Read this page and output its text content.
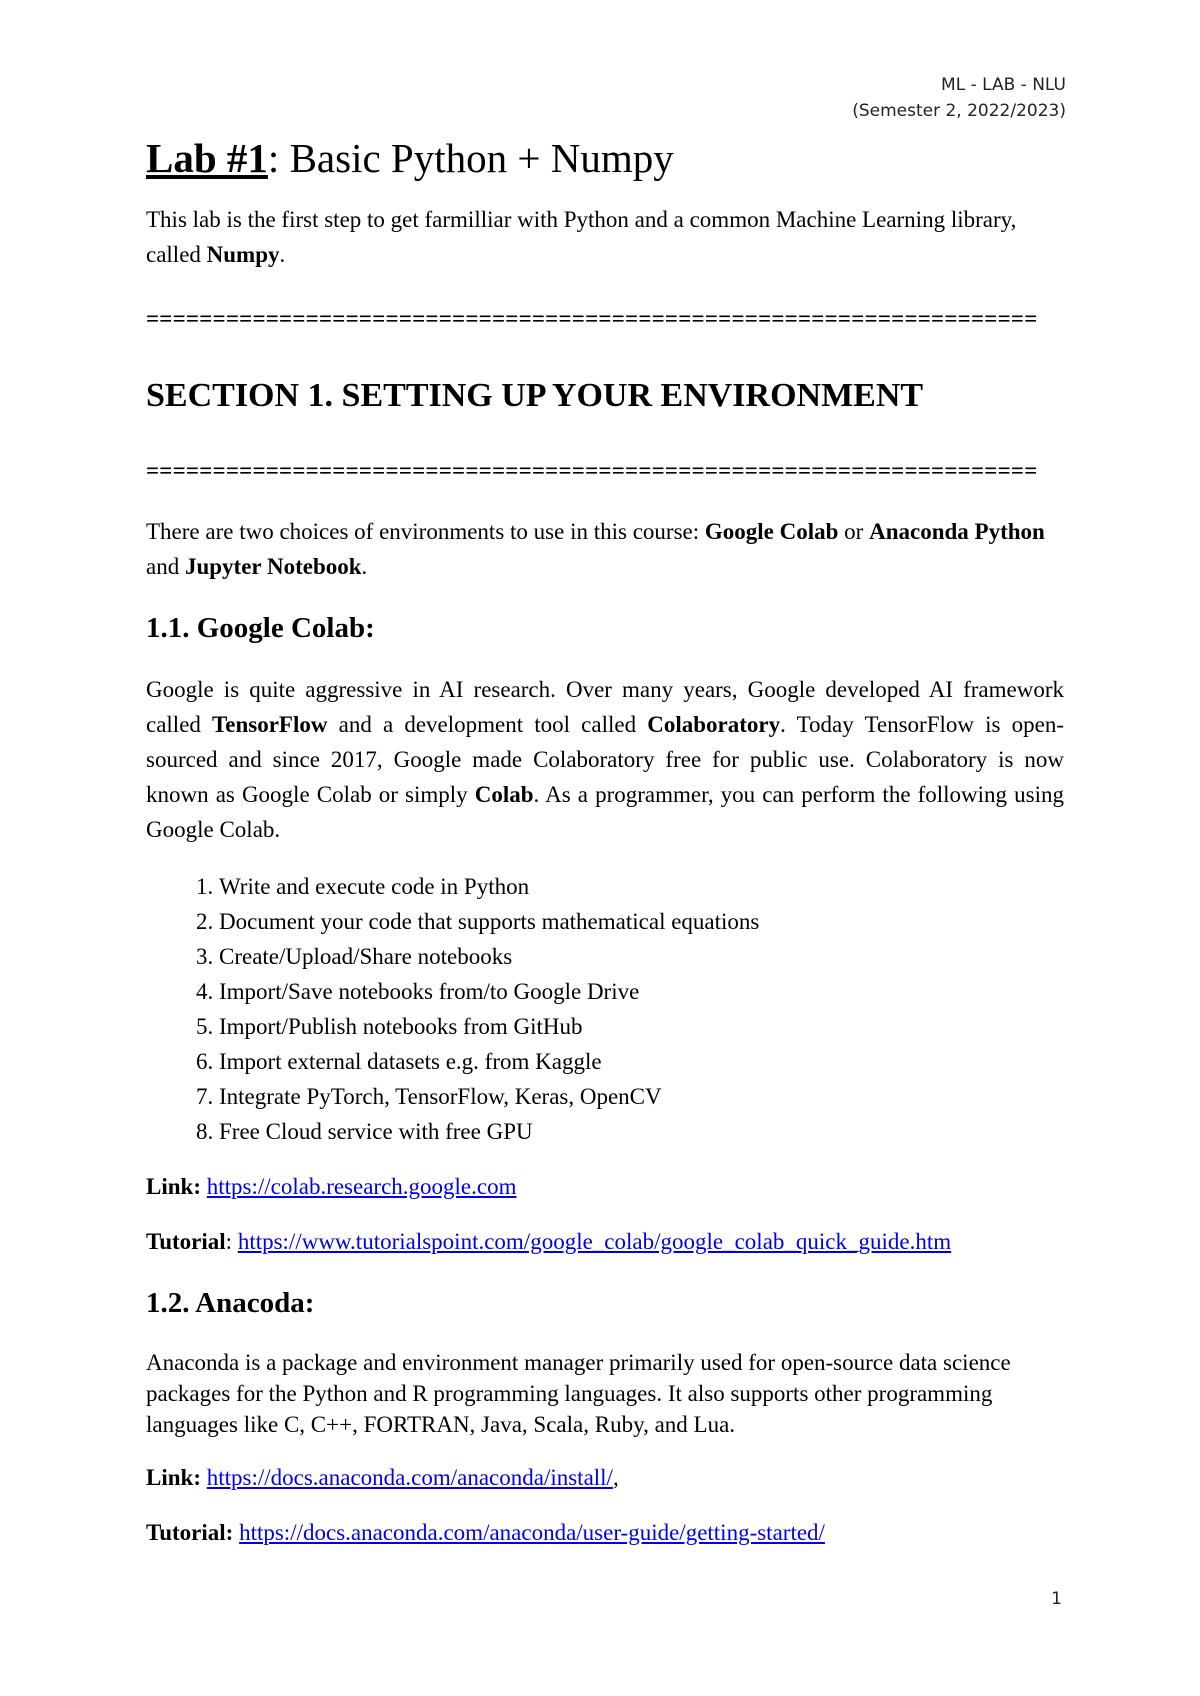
ML - LAB - NLU
(Semester 2, 2022/2023)
Lab #1: Basic Python + Numpy

This lab is the first step to get farmilliar with Python and a common Machine Learning library, called Numpy.

===================================================================
SECTION 1. SETTING UP YOUR ENVIRONMENT
===================================================================

There are two choices of environments to use in this course: Google Colab or Anaconda Python and Jupyter Notebook.

1.1. Google Colab:

Google is quite aggressive in AI research. Over many years, Google developed AI framework called TensorFlow and a development tool called Colaboratory. Today TensorFlow is open-sourced and since 2017, Google made Colaboratory free for public use. Colaboratory is now known as Google Colab or simply Colab. As a programmer, you can perform the following using Google Colab.

1. Write and execute code in Python
2. Document your code that supports mathematical equations
3. Create/Upload/Share notebooks
4. Import/Save notebooks from/to Google Drive
5. Import/Publish notebooks from GitHub
6. Import external datasets e.g. from Kaggle
7. Integrate PyTorch, TensorFlow, Keras, OpenCV
8. Free Cloud service with free GPU

Link: https://colab.research.google.com

Tutorial: https://www.tutorialspoint.com/google_colab/google_colab_quick_guide.htm

1.2. Anacoda:

Anaconda is a package and environment manager primarily used for open-source data science packages for the Python and R programming languages. It also supports other programming languages like C, C++, FORTRAN, Java, Scala, Ruby, and Lua.

Link: https://docs.anaconda.com/anaconda/install/,

Tutorial: https://docs.anaconda.com/anaconda/user-guide/getting-started/

1
